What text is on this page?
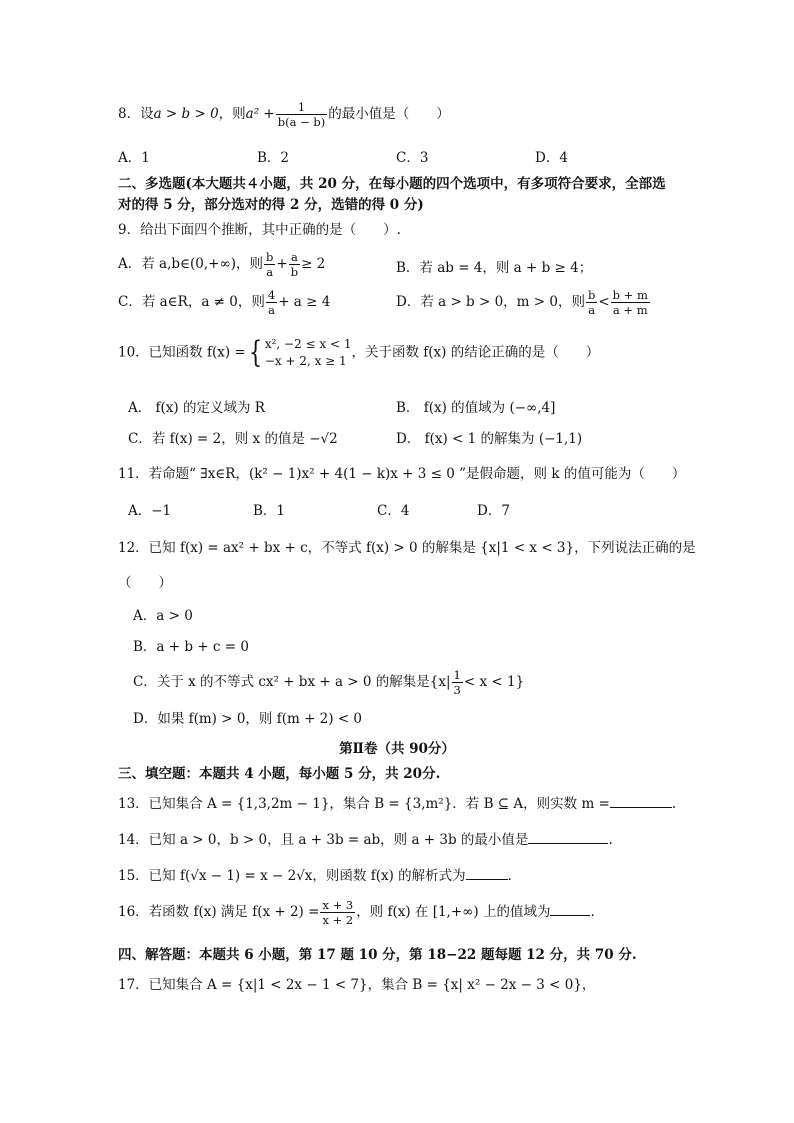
8．设a > b > 0，则$a^2 + \frac{1}{b(a - b)}$ 的最小值是（　　）
A．1	B．2	C．3	D．4
二、多选题(本大题共４小题，共 20 分，在每小题的四个选项中，有多项符合要求，全部选
对的得 5 分，部分选对的得 2 分，选错的得 0 分)
9．给出下面四个推断，其中正确的是（　　）.
A．若 a,b∈(0,+∞)，则 $\frac{b}{a} + \frac{a}{b} \ge 2$	B．若 ab = 4，则 a + b ≥ 4；
C．若 a∈R，a ≠ 0，则 $\frac{4}{a} + a \ge 4$	D．若 a > b > 0，m > 0，则 $\frac{b}{a} < \frac{b + m}{a + m}$
10．已知函数 f(x) ={ x², −2 ≤ x < 1
−x + 2, x ≥ 1
，关于函数 f(x) 的结论正确的是（　　）
A． f(x) 的定义域为 R	B． f(x) 的值域为 (−∞,4]
C．若 f(x) = 2，则 x 的值是 −√2	D． f(x) < 1 的解集为 (−1,1)
11．若命题“ ∃x∈R，(k² − 1)x² + 4(1 − k)x + 3 ≤ 0 ”是假命题，则 k 的值可能为（　　）
A．−1	B．1	C．4	D．7
12．已知 f(x) = ax² + bx + c，不等式 f(x) > 0 的解集是 {x|1 < x < 3}，下列说法正确的是
（　　）
A．a > 0
B．a + b + c = 0
C．关于 x 的不等式 cx² + bx + a > 0 的解集是$\{x| \frac{1}{3} < x < 1\}$
D．如果 f(m) > 0，则 f(m + 2) < 0
第Ⅱ卷（共 90分）
三、填空题：本题共 4 小题，每小题 5 分，共 20分.
13．已知集合 A = {1,3,2m − 1}，集合 B = {3,m²}．若 B ⊆ A，则实数 m =	.
14．已知 a > 0，b > 0，且 a + 3b = ab，则 a + 3b 的最小值是	.
15．已知 f(√x − 1) = x − 2√x，则函数 f(x) 的解析式为	．
16．若函数 f(x) 满足 $f(x + 2) = \frac{x + 3}{x + 2}$ ，则 f(x) 在 [1,+∞) 上的值域为	.
四、解答题：本题共 6 小题，第 17 题 10 分，第 18−22 题每题 12 分，共 70 分.
17．已知集合 A = {x|1 < 2x − 1 < 7}，集合 B = {x| x² − 2x − 3 < 0}，
